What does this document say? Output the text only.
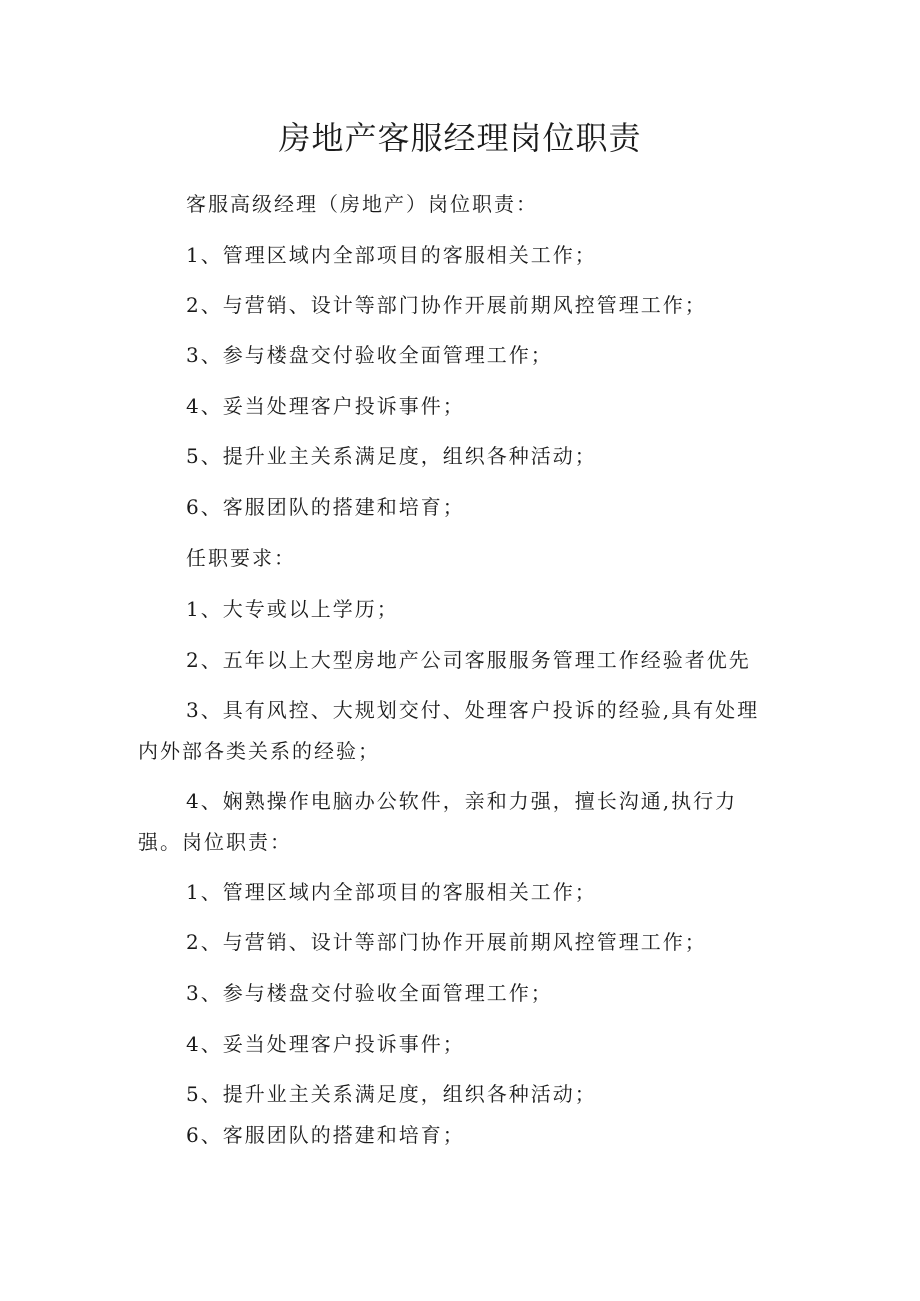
房地产客服经理岗位职责
客服高级经理（房地产）岗位职责：
1、管理区域内全部项目的客服相关工作；
2、与营销、设计等部门协作开展前期风控管理工作；
3、参与楼盘交付验收全面管理工作；
4、妥当处理客户投诉事件；
5、提升业主关系满足度，组织各种活动；
6、客服团队的搭建和培育；
任职要求：
1、大专或以上学历；
2、五年以上大型房地产公司客服服务管理工作经验者优先
3、具有风控、大规划交付、处理客户投诉的经验,具有处理
内外部各类关系的经验；
4、娴熟操作电脑办公软件，亲和力强，擅长沟通,执行力
强。岗位职责：
1、管理区域内全部项目的客服相关工作；
2、与营销、设计等部门协作开展前期风控管理工作；
3、参与楼盘交付验收全面管理工作；
4、妥当处理客户投诉事件；
5、提升业主关系满足度，组织各种活动；
6、客服团队的搭建和培育；
